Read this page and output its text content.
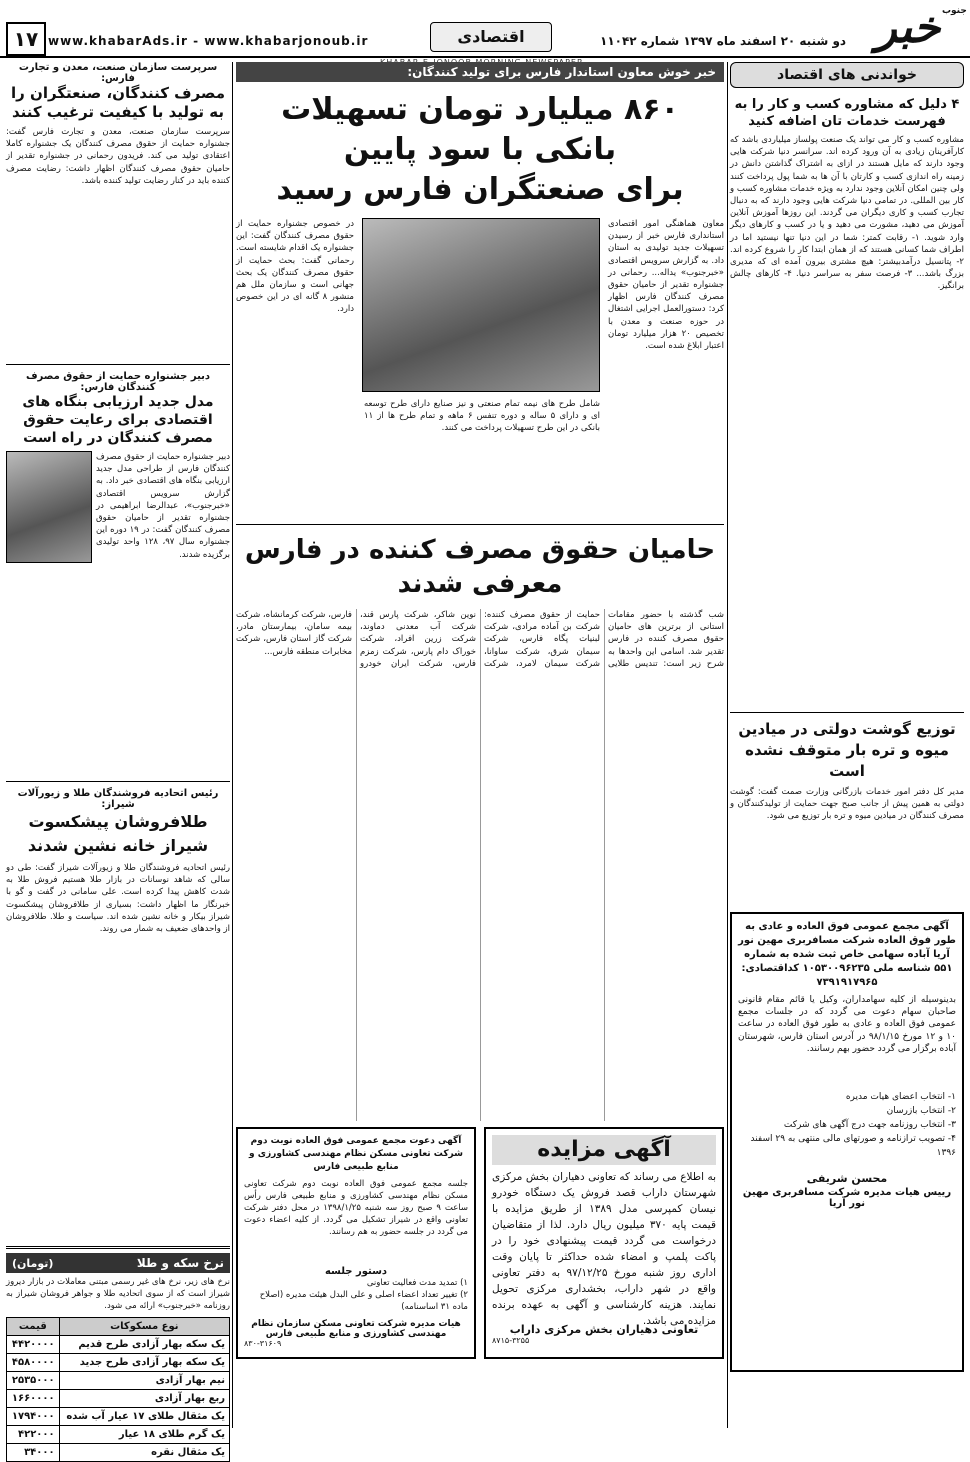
۱۷ www.khabarAds.ir - www.khabarjonoub.ir	اقتصادی	دو شنبه ۲۰ اسفند ماه ۱۳۹۷ شماره ۱۱۰۴۲ خبر جنوب
خواندنی های اقتصاد
۴ دلیل که مشاوره کسب و کار را به فهرست خدمات تان اضافه کنید
مشاوره کسب و کار می تواند یک صنعت پولساز میلیاردی باشد که کارآفرینان زیادی به آن ورود کرده اند. سرانسر دنیا شرکت هایی وجود دارند که مایل هستند در ازای به اشتراک گذاشتن دانش در زمینه راه اندازی کسب و کارتان با آن ها به شما پول پرداخت کنند ولی چنین امکان آنلاین وجود ندارد به ویژه خدمات مشاوره کسب و کار بین المللی. در تمامی دنیا شرکت هایی وجود دارند که به دنبال تجارب کسب و کاری دیگران می گردند. این روزها آموزش آنلاین آموزش می دهید، مشورت می دهید و یا در کسب و کارهای دیگر وارد شوید. ۱- رقابت کمتر: شما در این دنیا تنها نیستید اما در اطراف شما کسانی هستند که از همان ابتدا کار را شروع کرده اند. ۲- پتانسیل درآمدبیشتر: هیچ مشتری بیرون آمده ای که مدیری بزرگ باشد... ۳- فرصت سفر به سراسر دنیا. ۴- کارهای چالش برانگیز.
توزیع گوشت دولتی در میادین میوه و تره بار متوقف نشده است
مدیر کل دفتر امور خدمات بازرگانی وزارت صمت گفت: گوشت دولتی به همین پیش از جانب صبح جهت حمایت از تولیدکنندگان و مصرف کنندگان در میادین میوه و تره بار توزیع می شود.
آگهی مجمع عمومی فوق العاده و عادی به طور فوق العاده شرکت مسافربری مهین نور آریا آباده سهامی خاص ثبت شده به شماره ۵۵۱ شناسه ملی ۱۰۵۳۰۰۹۶۲۳۵ کداقتصادی: ۷۳۹۱۹۱۷۹۶۵
بدینوسیله از کلیه سهامداران، وکیل یا قائم مقام قانونی صاحبان سهام دعوت می گردد که در جلسات مجمع عمومی فوق العاده و عادی به طور فوق العاده در ساعت ۱۰ و ۱۲ مورخ ۹۸/۱/۱۵ در آدرس استان فارس، شهرستان آباده برگزار می گردد حضور بهم رسانند.
۱- انتخاب اعضای هیات مدیره
۲- انتخاب بازرسان
۳- انتخاب روزنامه جهت درج آگهی های شرکت
۴- تصویب ترازنامه و صورتهای مالی منتهی به ۲۹ اسفند ۱۳۹۶
محسن شریفی
رییس هیات مدیره شرکت مسافربری مهین نور آریا
خبر خوش معاون استاندار فارس برای تولید کنندگان:
۸۶۰ میلیارد تومان تسهیلات بانکی با سود پایین
برای صنعتگران فارس رسید
معاون هماهنگی امور اقتصادی استانداری فارس خبر از رسیدن تسهیلات جدید تولیدی به استان داد. به گزارش سرویس اقتصادی «خبرجنوب» یداله... رحمانی در جشنواره تقدیر از حامیان حقوق مصرف کنندگان فارس اظهار کرد: دستورالعمل اجرایی اشتغال در حوزه صنعت و معدن با تخصیص ۲۰ هزار میلیارد تومان اعتبار ابلاغ شده است.
شامل طرح های نیمه تمام صنعتی و نیز صنایع دارای طرح توسعه ای و دارای ۵ ساله و دوره تنفس ۶ ماهه و تمام طرح ها از ۱۱ بانکی در این طرح تسهیلات پرداخت می کنند.
در خصوص جشنواره حمایت از حقوق مصرف کنندگان گفت: این جشنواره یک اقدام شایسته است. رحمانی گفت: بحث حمایت از حقوق مصرف کنندگان یک بحث جهانی است و سازمان ملل هم منشور ۸ گانه ای در این خصوص دارد.
حامیان حقوق مصرف کننده در فارس معرفی شدند
شب گذشته با حضور مقامات استانی از برترین های حامیان حقوق مصرف کننده در فارس تقدیر شد. اسامی این واحدها به شرح زیر است: تندیس طلایی حمایت از حقوق مصرف کننده: شرکت بن آماده مرادی، شرکت لبنیات پگاه فارس، شرکت سیمان شرق، شرکت ساوانا، شرکت سیمان لامرد، شرکت نوین شاکر، شرکت پارس قند، شرکت آب معدنی دماوند، شرکت زرین افراد، شرکت خوراک دام پارس، شرکت زمزم فارس، شرکت ایران خودرو فارس، شرکت کرمانشاه، شرکت بیمه سامان، بیمارستان مادر، شرکت گاز استان فارس، شرکت مخابرات منطقه فارس...
آگهی مزایده
به اطلاع می رساند که تعاونی دهیاران بخش مرکزی شهرستان داراب قصد فروش یک دستگاه خودرو نیسان کمپرسی مدل ۱۳۸۹ از طریق مزایده با قیمت پایه ۳۷۰ میلیون ریال دارد. لذا از متقاضیان درخواست می گردد قیمت پیشنهادی خود را در پاکت پلمپ و امضاء شده حداکثر تا پایان وقت اداری روز شنبه مورخ ۹۷/۱۲/۲۵ به دفتر تعاونی واقع در شهر داراب، بخشداری مرکزی تحویل نمایند. هزینه کارشناسی و آگهی به عهده برنده مزایده می باشد.
تعاونی دهیاران بخش مرکزی داراب
۸۷۱۵-۳۲۵۵
آگهی دعوت مجمع عمومی فوق العاده نوبت دوم شرکت تعاونی مسکن نظام مهندسی کشاورزی و منابع طبیعی فارس
جلسه مجمع عمومی فوق العاده نوبت دوم شرکت تعاونی مسکن نظام مهندسی کشاورزی و منابع طبیعی فارس رأس ساعت ۹ صبح روز سه شنبه ۱۳۹۸/۱/۲۵ در محل دفتر شرکت تعاونی واقع در شیراز تشکیل می گردد. از کلیه اعضاء دعوت می گردد در جلسه حضور به هم رسانند.
دستور جلسه
۱) تمدید مدت فعالیت تعاونی
۲) تغییر تعداد اعضاء اصلی و علی البدل هیئت مدیره (اصلاح ماده ۳۱ اساسنامه)
هیات مدیره شرکت تعاونی مسکن سازمان نظام مهندسی کشاورزی و منابع طبیعی فارس
۸۳۰-۳۱۶۰۹
سرپرست سازمان صنعت، معدن و تجارت فارس:
مصرف کنندگان، صنعتگران را به تولید با کیفیت ترغیب کنند
سرپرست سازمان صنعت، معدن و تجارت فارس گفت: جشنواره حمایت از حقوق مصرف کنندگان یک جشنواره کاملا اعتقادی تولید می کند. فریدون رحمانی در جشنواره تقدیر از حامیان حقوق مصرف کنندگان اظهار داشت: رضایت مصرف کننده باید در کنار رضایت تولید کننده باشد.
دبیر جشنواره حمایت از حقوق مصرف کنندگان فارس:
مدل جدید ارزیابی بنگاه های اقتصادی برای رعایت حقوق مصرف کنندگان در راه است
دبیر جشنواره حمایت از حقوق مصرف کنندگان فارس از طراحی مدل جدید ارزیابی بنگاه های اقتصادی خبر داد. به گزارش سرویس اقتصادی «خبرجنوب»، عبدالرضا ابراهیمی در جشنواره تقدیر از حامیان حقوق مصرف کنندگان گفت: در ۱۹ دوره این جشنواره سال ۹۷، ۱۲۸ واحد تولیدی برگزیده شدند.
رئیس اتحادیه فروشندگان طلا و زیورآلات شیراز:
طلافروشان پیشکسوت شیراز خانه نشین شدند
رئیس اتحادیه فروشندگان طلا و زیورآلات شیراز گفت: طی دو سالی که شاهد نوسانات در بازار طلا هستیم فروش طلا به شدت کاهش پیدا کرده است. علی سامانی در گفت و گو با خبرنگار ما اظهار داشت: بسیاری از طلافروشان پیشکسوت شیراز بیکار و خانه نشین شده اند. سیاست و طلا. طلافروشان از واحدهای ضعیف به شمار می روند.
نرخ سکه و طلا
(تومان)
نرخ های زیر، نرخ های غیر رسمی مبتنی معاملات در بازار دیروز شیراز است که از سوی اتحادیه طلا و جواهر فروشان شیراز به روزنامه «خبرجنوب» ارائه می شود.
نوع مسکوکات	قیمت
یک سکه بهار آزادی طرح قدیم	۴۴۲۰۰۰۰
یک سکه بهار آزادی طرح جدید	۴۵۸۰۰۰۰
نیم بهار آزادی	۲۵۳۵۰۰۰
ربع بهار آزادی	۱۶۶۰۰۰۰
یک مثقال طلای ۱۷ عیار آب شده	۱۷۹۴۰۰۰
یک گرم طلای ۱۸ عیار	۴۲۲۰۰۰
یک مثقال نقره	۳۴۰۰۰
